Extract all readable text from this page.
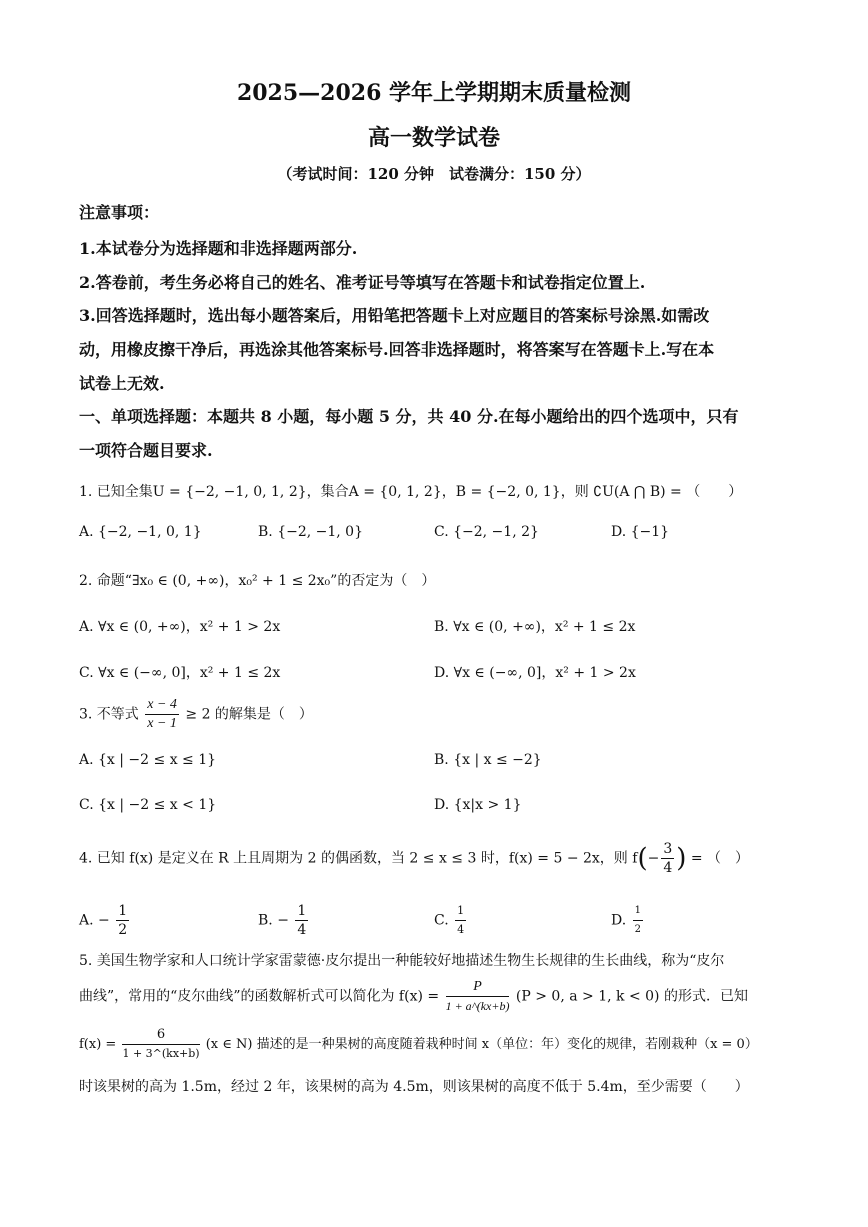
2025—2026 学年上学期期末质量检测
高一数学试卷
（考试时间：120 分钟　试卷满分：150 分）
注意事项：
1.本试卷分为选择题和非选择题两部分.
2.答卷前，考生务必将自己的姓名、准考证号等填写在答题卡和试卷指定位置上.
3.回答选择题时，选出每小题答案后，用铅笔把答题卡上对应题目的答案标号涂黑.如需改
动，用橡皮擦干净后，再选涂其他答案标号.回答非选择题时，将答案写在答题卡上.写在本
试卷上无效.
一、单项选择题：本题共 8 小题，每小题 5 分，共 40 分.在每小题给出的四个选项中，只有
一项符合题目要求.
1. 已知全集U = {−2, −1, 0, 1, 2}，集合A = {0, 1, 2}，B = {−2, 0, 1}，则 ∁U(A ⋂ B) = （　　）
A. {−2, −1, 0, 1}	B. {−2, −1, 0}	C. {−2, −1, 2}	D. {−1}
2. 命题“∃x₀ ∈ (0, +∞)，x₀² + 1 ≤ 2x₀”的否定为（　）
A. ∀x ∈ (0, +∞)，x² + 1 > 2x	B. ∀x ∈ (0, +∞)，x² + 1 ≤ 2x
C. ∀x ∈ (−∞, 0]，x² + 1 ≤ 2x	D. ∀x ∈ (−∞, 0]，x² + 1 > 2x
3. 不等式 $\frac{x - 4}{x - 1} \ge 2$ 的解集是（　）
A. {x | −2 ≤ x ≤ 1}	B. {x | x ≤ −2}
C. {x | −2 ≤ x < 1}	D. {x|x > 1}
4. 已知 f(x) 是定义在 R 上且周期为 2 的偶函数，当 2 ≤ x ≤ 3 时，f(x) = 5 − 2x，则 $f(- \frac{3}{4}$ ) = （　）
A. − $\frac{1}{2}$	B. − $\frac{1}{4}$	C. $\frac{1}{4}$	D. $\frac{1}{2}$
5. 美国生物学家和人口统计学家雷蒙德·皮尔提出一种能较好地描述生物生长规律的生长曲线，称为“皮尔
曲线”，常用的“皮尔曲线”的函数解析式可以简化为 $f(x) = \frac{P}{1 + a\^{}(kx+b)} (P > 0$, a > 1, k < 0) 的形式．已知
$f(x) = \frac{6}{1 + 3\^{}(kx+b)} (x$ ∈ N) 描述的是一种果树的高度随着栽种时间 x（单位：年）变化的规律，若刚栽种（x = 0）
时该果树的高为 1.5m，经过 2 年，该果树的高为 4.5m，则该果树的高度不低于 5.4m，至少需要（　　）
